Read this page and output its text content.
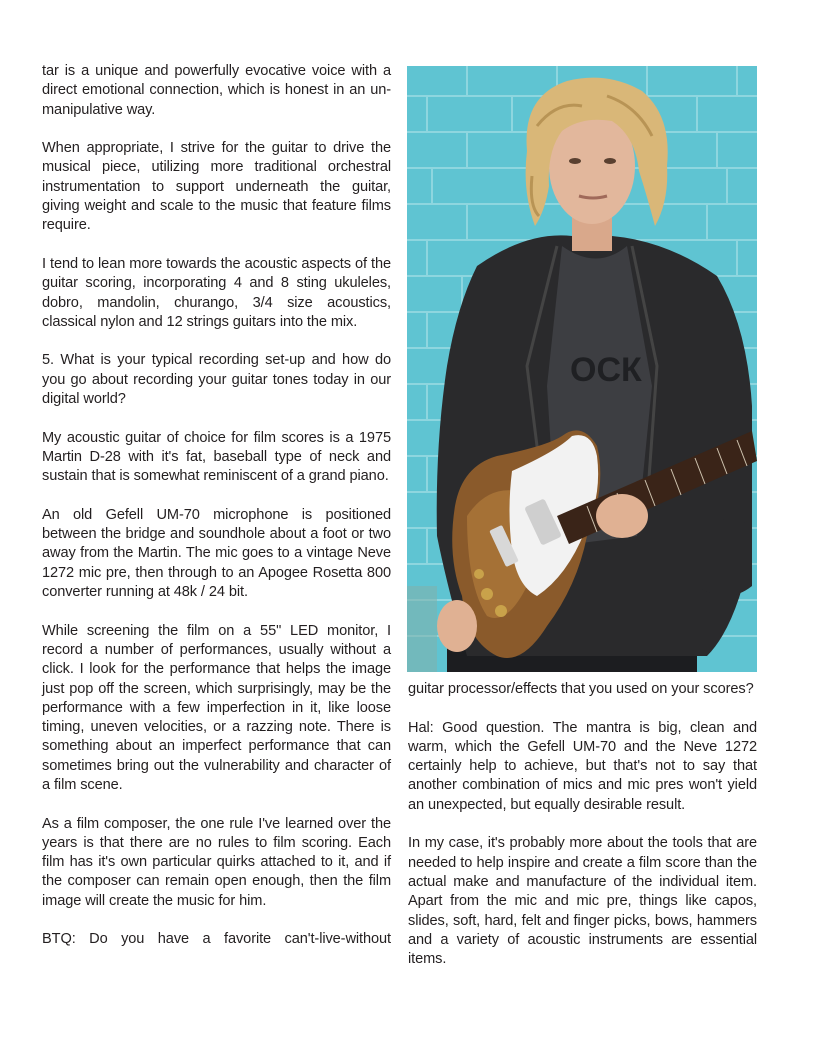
tar is a unique and powerfully evocative voice with a direct emotional connection, which is honest in an un-manipulative way.

When appropriate, I strive for the guitar to drive the musical piece, utilizing more traditional orchestral instrumentation to support underneath the guitar, giving weight and scale to the music that feature films require.

I tend to lean more towards the acoustic aspects of the guitar scoring, incorporating 4 and 8 sting ukuleles, dobro, mandolin, churango, 3/4 size acoustics, classical nylon and 12 strings guitars into the mix.

5. What is your typical recording set-up and how do you go about recording your guitar tones today in our digital world?

My acoustic guitar of choice for film scores is a 1975 Martin D-28 with it's fat, baseball type of neck and sustain that is somewhat reminiscent of a grand piano.

An old Gefell UM-70 microphone is positioned between the bridge and soundhole about a foot or two away from the Martin. The mic goes to a vintage Neve 1272 mic pre, then through to an Apogee Rosetta 800 converter running at 48k / 24 bit.

While screening the film on a 55" LED monitor, I record a number of performances, usually without a click. I look for the performance that helps the image just pop off the screen, which surprisingly, may be the performance with a few imperfection in it, like loose timing, uneven velocities, or a razzing note. There is something about an imperfect performance that can sometimes bring out the vulnerability and character of a film scene.

As a film composer, the one rule I've learned over the years is that there are no rules to film scoring. Each film has it's own particular quirks attached to it, and if the composer can remain open enough, then the film image will create the music for him.

BTQ: Do you have a favorite can't-live-without

ОСК

guitar processor/effects that you used on your scores?

Hal: Good question. The mantra is big, clean and warm, which the Gefell UM-70 and the Neve 1272 certainly help to achieve, but that's not to say that another combination of mics and mic pres won't yield an unexpected, but equally desirable result.

In my case, it's probably more about the tools that are needed to help inspire and create a film score than the actual make and manufacture of the individual item. Apart from the mic and mic pre, things like capos, slides, soft, hard, felt and finger picks, bows, hammers and a variety of acoustic instruments are essential items.
